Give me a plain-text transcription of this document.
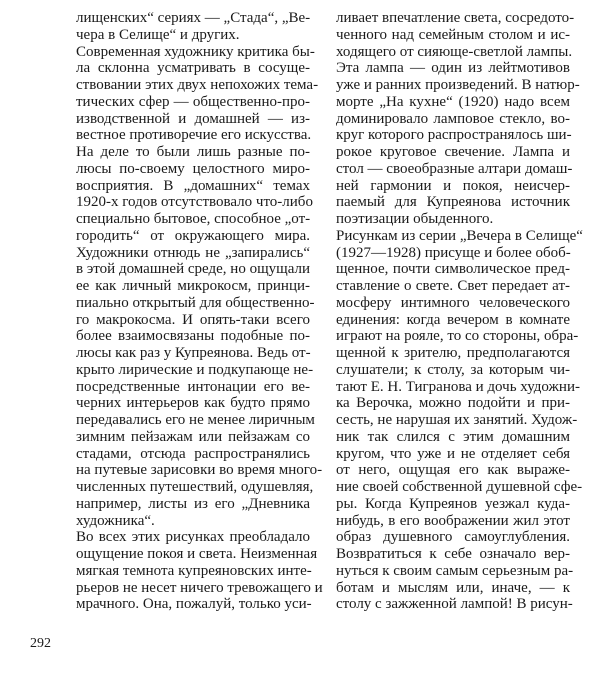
лищенских“ сериях — „Стада“, „Ве-
чера в Селище“ и других.
Современная художнику критика бы-
ла склонна усматривать в сосуще-
ствовании этих двух непохожих тема-
тических сфер — общественно-про-
изводственной и домашней — из-
вестное противоречие его искусства.
На деле то были лишь разные по-
люсы по-своему целостного миро-
восприятия. В „домашних“ темах
1920-х годов отсутствовало что-либо
специально бытовое, способное „от-
городить“ от окружающего мира.
Художники отнюдь не „запирались“
в этой домашней среде, но ощущали
ее как личный микрокосм, принци-
пиально открытый для общественно-
го макрокосма. И опять-таки всего
более взаимосвязаны подобные по-
люсы как раз у Купреянова. Ведь от-
крыто лирические и подкупающе не-
посредственные интонации его ве-
черних интерьеров как будто прямо
передавались его не менее лиричным
зимним пейзажам или пейзажам со
стадами, отсюда распространялись
на путевые зарисовки во время много-
численных путешествий, одушевляя,
например, листы из его „Дневника
художника“.
Во всех этих рисунках преобладало
ощущение покоя и света. Неизменная
мягкая темнота купреяновских инте-
рьеров не несет ничего тревожащего и
мрачного. Она, пожалуй, только уси-
ливает впечатление света, сосредото-
ченного над семейным столом и ис-
ходящего от сияюще-светлой лампы.
Эта лампа — один из лейтмотивов
уже и ранних произведений. В натюр-
морте „На кухне“ (1920) надо всем
доминировало ламповое стекло, во-
круг которого распространялось ши-
рокое круговое свечение. Лампа и
стол — своеобразные алтари домаш-
ней гармонии и покоя, неисчер-
паемый для Купреянова источник
поэтизации обыденного.
Рисункам из серии „Вечера в Селище“
(1927—1928) присуще и более обоб-
щенное, почти символическое пред-
ставление о свете. Свет передает ат-
мосферу интимного человеческого
единения: когда вечером в комнате
играют на рояле, то со стороны, обра-
щенной к зрителю, предполагаются
слушатели; к столу, за которым чи-
тают Е. Н. Тигранова и дочь художни-
ка Верочка, можно подойти и при-
сесть, не нарушая их занятий. Худож-
ник так слился с этим домашним
кругом, что уже и не отделяет себя
от него, ощущая его как выраже-
ние своей собственной душевной сфе-
ры. Когда Купреянов уезжал куда-
нибудь, в его воображении жил этот
образ душевного самоуглубления.
Возвратиться к себе означало вер-
нуться к своим самым серьезным ра-
ботам и мыслям или, иначе, — к
столу с зажженной лампой! В рисун-
292
